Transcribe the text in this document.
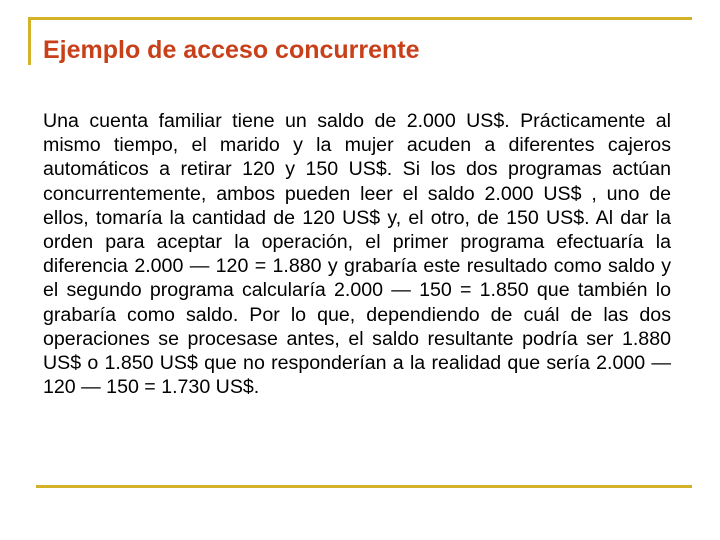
Ejemplo de acceso concurrente

Una cuenta familiar tiene un saldo de 2.000 US$. Prácticamente al mismo tiempo, el marido y la mujer acuden a diferentes cajeros automáticos a retirar 120 y 150 US$. Si los dos programas actúan concurrentemente, ambos pueden leer el saldo 2.000 US$ , uno de ellos, tomaría la cantidad de 120 US$ y, el otro, de 150 US$. Al dar la orden para aceptar la operación, el primer programa efectuaría la diferencia 2.000 — 120 = 1.880 y grabaría este resultado como saldo y el segundo programa calcularía 2.000 — 150 = 1.850 que también lo grabaría como saldo. Por lo que, dependiendo de cuál de las dos operaciones se procesase antes, el saldo resultante podría ser 1.880 US$ o 1.850 US$ que no responderían a la realidad que sería 2.000 — 120 — 150 = 1.730 US$.
